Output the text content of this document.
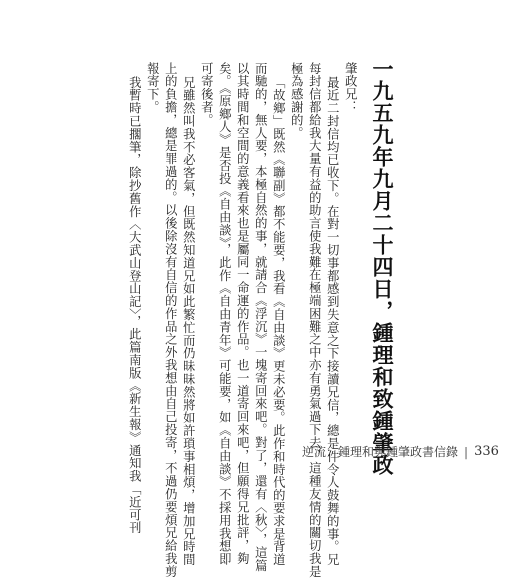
一九五九年九月二十四日，鍾理和致鍾肇政
肇政兄：
最近二封信均已收下。在對一切事都感到失意之下接讀兄信，總是件令人鼓舞的事。兄
每封信都給我大量有益的助言使我難在極端困難之中亦有勇氣過下去，這種友情的關切我是
極為感謝的。
「故鄉」既然《聯副》都不能要，我看《自由談》更未必要。此作和時代的要求是背道
而馳的，無人要，本極自然的事，就請合《浮沉》一塊寄回來吧。對了，還有〈秋〉，這篇
以其時間和空間的意義看來也是屬同一命運的作品。也一道寄回來吧，但願得兄批評，夠
矣。《原鄉人》是否投《自由談》，此作《自由青年》可能要，如《自由談》不採用我想即
可寄後者。
兄雖然叫我不必客氣，但既然知道兄如此繁忙而仍昧昧然將如許瑣事相煩，增加兄時間
上的負擔，總是罪過的。以後除沒有自信的作品之外我想由自己投寄，不過仍要煩兄給我剪
報寄下。
我暫時已擱筆，除抄舊作〈大武山登山記〉，此篇南版《新生報》通知我「近可刊	逆流：鍾理和與鍾肇政書信錄 | 336
